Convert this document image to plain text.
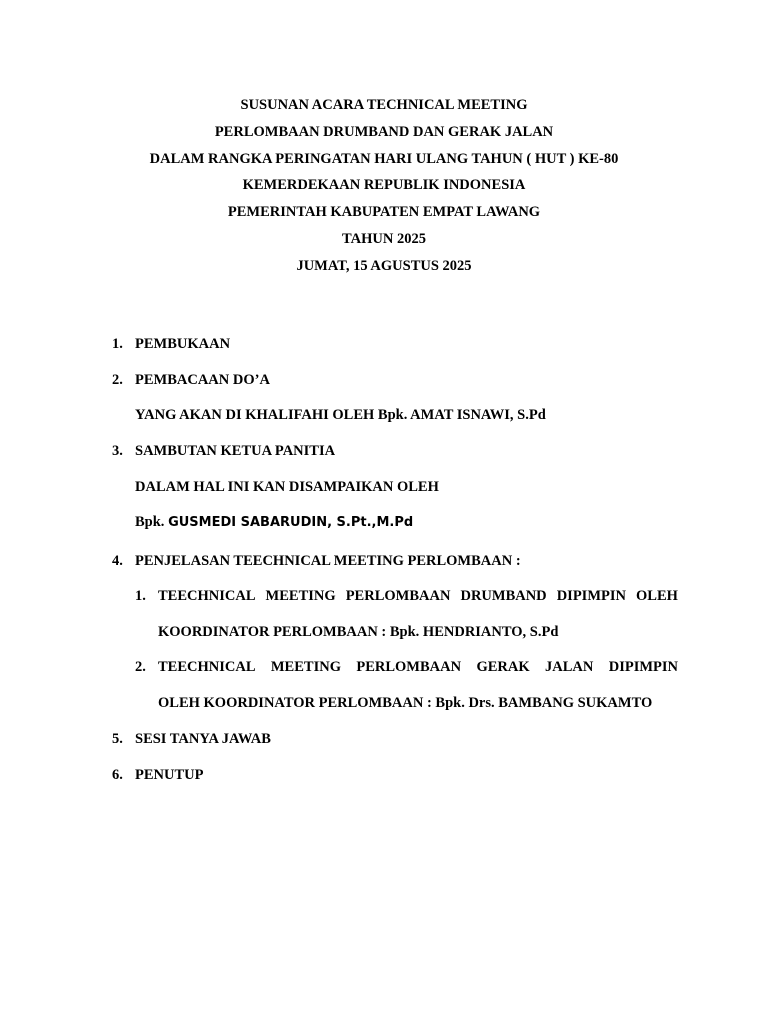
SUSUNAN ACARA TECHNICAL MEETING
PERLOMBAAN DRUMBAND DAN GERAK JALAN
DALAM RANGKA PERINGATAN HARI ULANG TAHUN ( HUT ) KE-80
KEMERDEKAAN REPUBLIK INDONESIA
PEMERINTAH KABUPATEN EMPAT LAWANG
TAHUN 2025
JUMAT, 15 AGUSTUS 2025
1. PEMBUKAAN
2. PEMBACAAN DO’A
YANG AKAN DI KHALIFAHI OLEH Bpk. AMAT ISNAWI, S.Pd
3. SAMBUTAN KETUA PANITIA
DALAM HAL INI KAN DISAMPAIKAN OLEH
Bpk. GUSMEDI SABARUDIN, S.Pt.,M.Pd
4. PENJELASAN TEECHNICAL MEETING PERLOMBAAN :
1. TEECHNICAL MEETING PERLOMBAAN DRUMBAND DIPIMPIN OLEH
KOORDINATOR PERLOMBAAN : Bpk. HENDRIANTO, S.Pd
2. TEECHNICAL MEETING PERLOMBAAN GERAK JALAN DIPIMPIN
OLEH KOORDINATOR PERLOMBAAN : Bpk. Drs. BAMBANG SUKAMTO
5. SESI TANYA JAWAB
6. PENUTUP
